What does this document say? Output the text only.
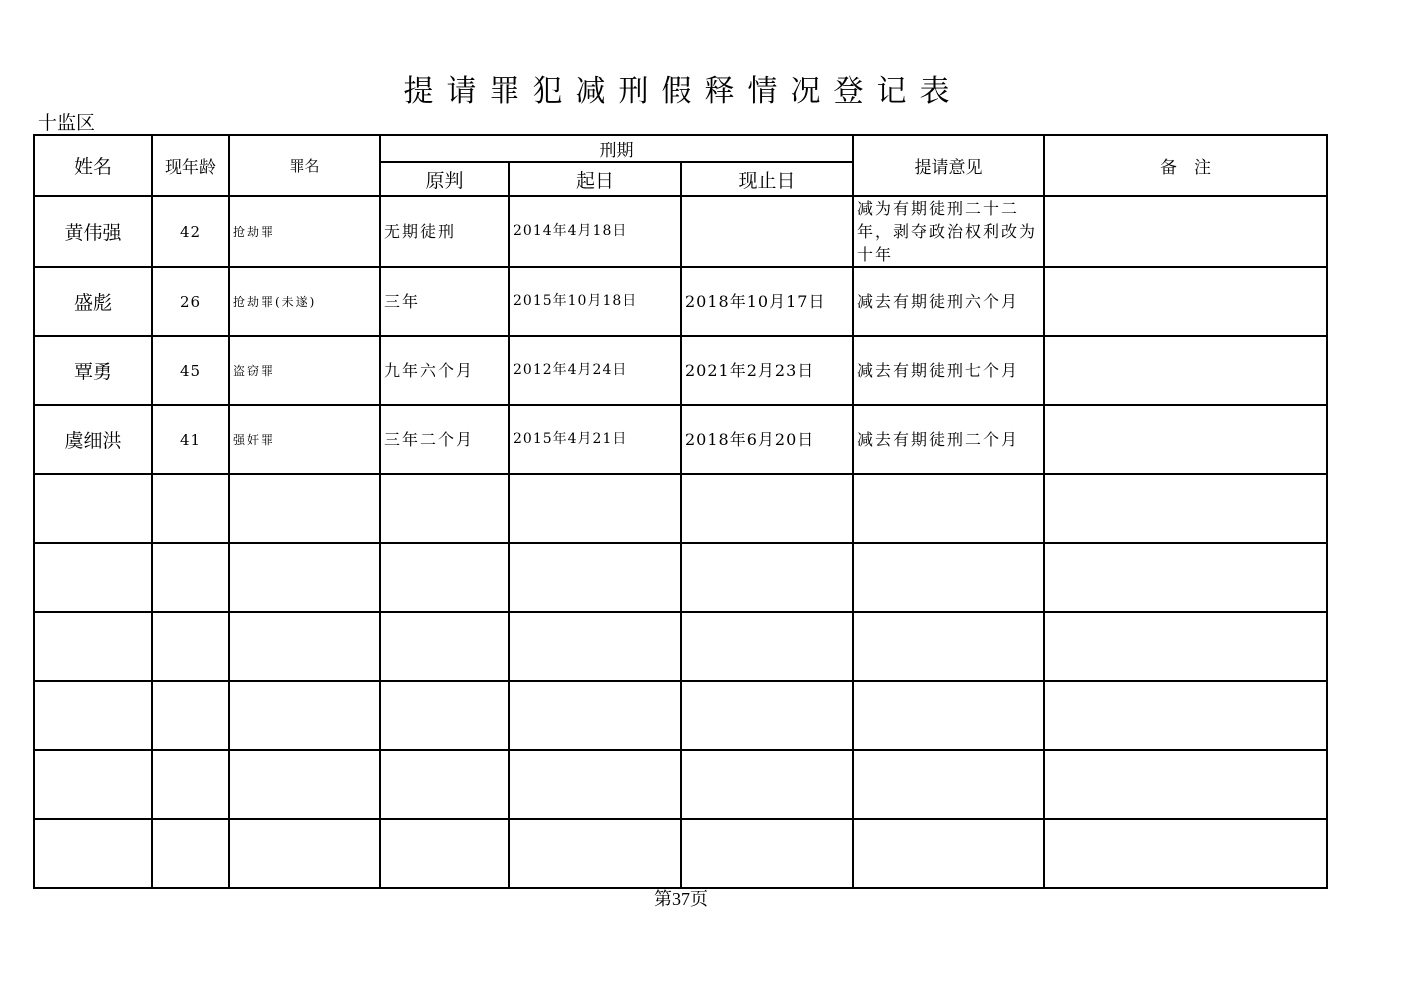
提请罪犯减刑假释情况登记表
十监区
姓名	现年龄	罪名	刑期			提请意见	备　注
			原判	起日	现止日		
黄伟强	42	抢劫罪	无期徒刑	2014年4月18日		减为有期徒刑二十二年，剥夺政治权利改为十年	
盛彪	26	抢劫罪(未遂)	三年	2015年10月18日	2018年10月17日	减去有期徒刑六个月	
覃勇	45	盗窃罪	九年六个月	2012年4月24日	2021年2月23日	减去有期徒刑七个月	
虞细洪	41	强奸罪	三年二个月	2015年4月21日	2018年6月20日	减去有期徒刑二个月	

第37页
